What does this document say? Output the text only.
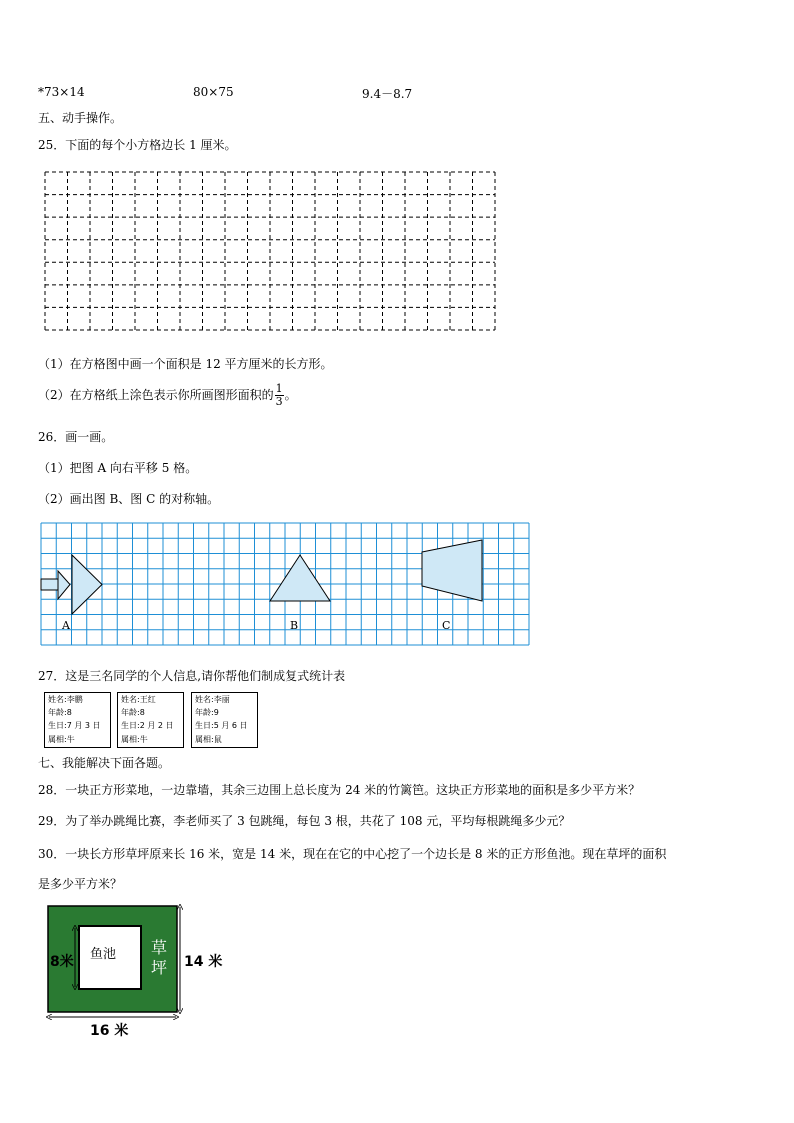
*73×14	80×75	9.4－8.7
五、动手操作。
25．下面的每个小方格边长 1 厘米。
（1）在方格图中画一个面积是 12 平方厘米的长方形。
（2）在方格纸上涂色表示你所画图形面积的 $\frac{1}{3}$ 。
26．画一画。
（1）把图 A 向右平移 5 格。
（2）画出图 B、图 C 的对称轴。
A	B	C
27．这是三名同学的个人信息,请你帮他们制成复式统计表
姓名:李鹏
年龄:8
生日:7 月 3 日
属相:牛
姓名:王红
年龄:8
生日:2 月 2 日
属相:牛
姓名:李丽
年龄:9
生日:5 月 6 日
属相:鼠
七、我能解决下面各题。
28．一块正方形菜地，一边靠墙，其余三边围上总长度为 24 米的竹篱笆。这块正方形菜地的面积是多少平方米？
29．为了举办跳绳比赛，李老师买了 3 包跳绳，每包 3 根，共花了 108 元，平均每根跳绳多少元？
30．一块长方形草坪原来长 16 米，宽是 14 米，现在在它的中心挖了一个边长是 8 米的正方形鱼池。现在草坪的面积
是多少平方米？
鱼池 草
坪
8米	14 米
16 米
